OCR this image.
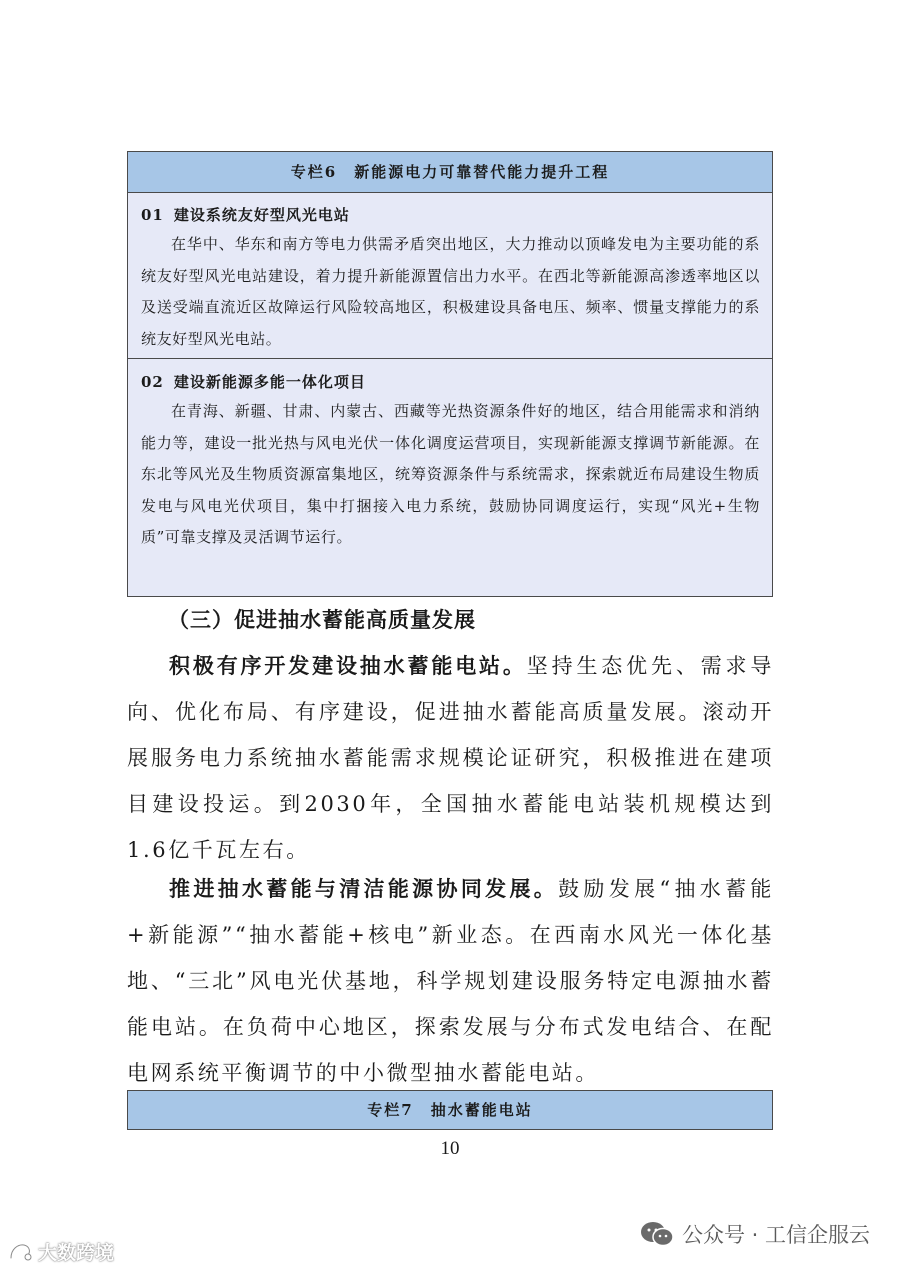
专栏6　新能源电力可靠替代能力提升工程
01 建设系统友好型风光电站
在华中、华东和南方等电力供需矛盾突出地区，大力推动以顶峰发电为主要功能的系统友好型风光电站建设，着力提升新能源置信出力水平。在西北等新能源高渗透率地区以及送受端直流近区故障运行风险较高地区，积极建设具备电压、频率、惯量支撑能力的系统友好型风光电站。
02 建设新能源多能一体化项目
在青海、新疆、甘肃、内蒙古、西藏等光热资源条件好的地区，结合用能需求和消纳能力等，建设一批光热与风电光伏一体化调度运营项目，实现新能源支撑调节新能源。在东北等风光及生物质资源富集地区，统筹资源条件与系统需求，探索就近布局建设生物质发电与风电光伏项目，集中打捆接入电力系统，鼓励协同调度运行，实现“风光+生物质”可靠支撑及灵活调节运行。
（三）促进抽水蓄能高质量发展
积极有序开发建设抽水蓄能电站。坚持生态优先、需求导向、优化布局、有序建设，促进抽水蓄能高质量发展。滚动开展服务电力系统抽水蓄能需求规模论证研究，积极推进在建项目建设投运。到2030年，全国抽水蓄能电站装机规模达到1.6亿千瓦左右。
推进抽水蓄能与清洁能源协同发展。鼓励发展“抽水蓄能+新能源”“抽水蓄能+核电”新业态。在西南水风光一体化基地、“三北”风电光伏基地，科学规划建设服务特定电源抽水蓄能电站。在负荷中心地区，探索发展与分布式发电结合、在配电网系统平衡调节的中小微型抽水蓄能电站。
专栏7　抽水蓄能电站
10
公众号 · 工信企服云
大数跨境
